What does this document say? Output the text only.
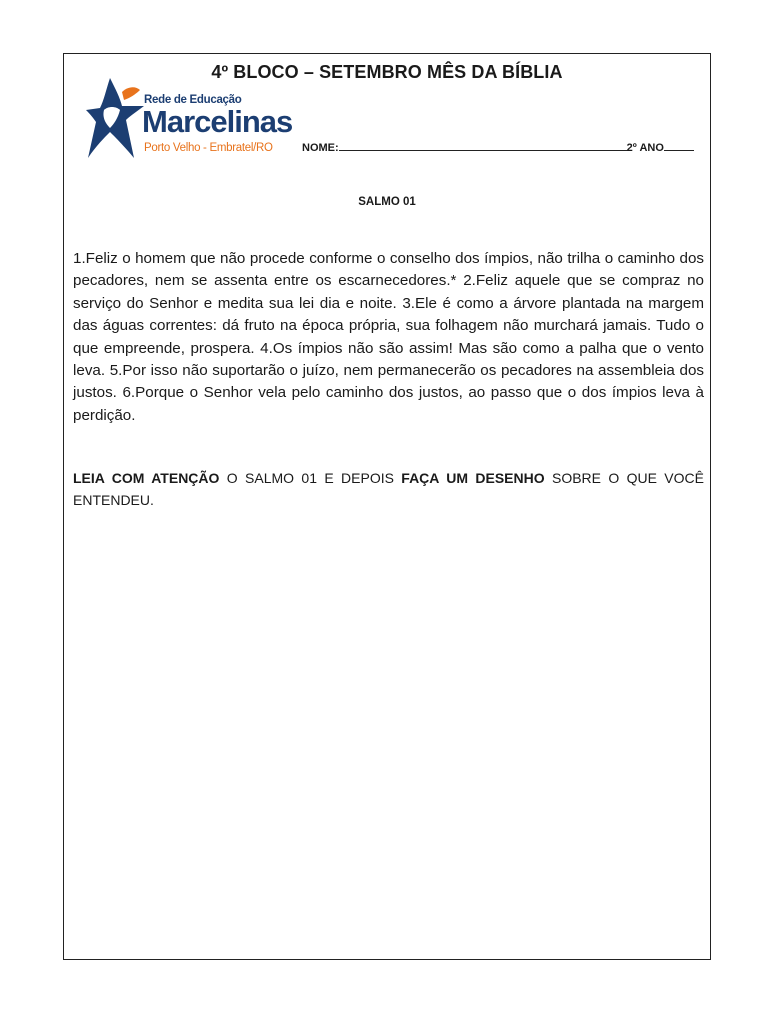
4º BLOCO – SETEMBRO MÊS DA BÍBLIA
Rede de Educação
Marcelinas
Porto Velho - Embratel/RO	NOME:	2º ANO
SALMO 01

1.Feliz o homem que não procede conforme o conselho dos ímpios, não trilha o caminho dos pecadores, nem se assenta entre os escarnecedores.* 2.Feliz aquele que se compraz no serviço do Senhor e medita sua lei dia e noite. 3.Ele é como a árvore plantada na margem das águas correntes: dá fruto na época própria, sua folhagem não murchará jamais. Tudo o que empreende, prospera. 4.Os ímpios não são assim! Mas são como a palha que o vento leva. 5.Por isso não suportarão o juízo, nem permanecerão os pecadores na assembleia dos justos. 6.Porque o Senhor vela pelo caminho dos justos, ao passo que o dos ímpios leva à perdição.

LEIA COM ATENÇÃO O SALMO 01 E DEPOIS FAÇA UM DESENHO SOBRE O QUE VOCÊ ENTENDEU.
